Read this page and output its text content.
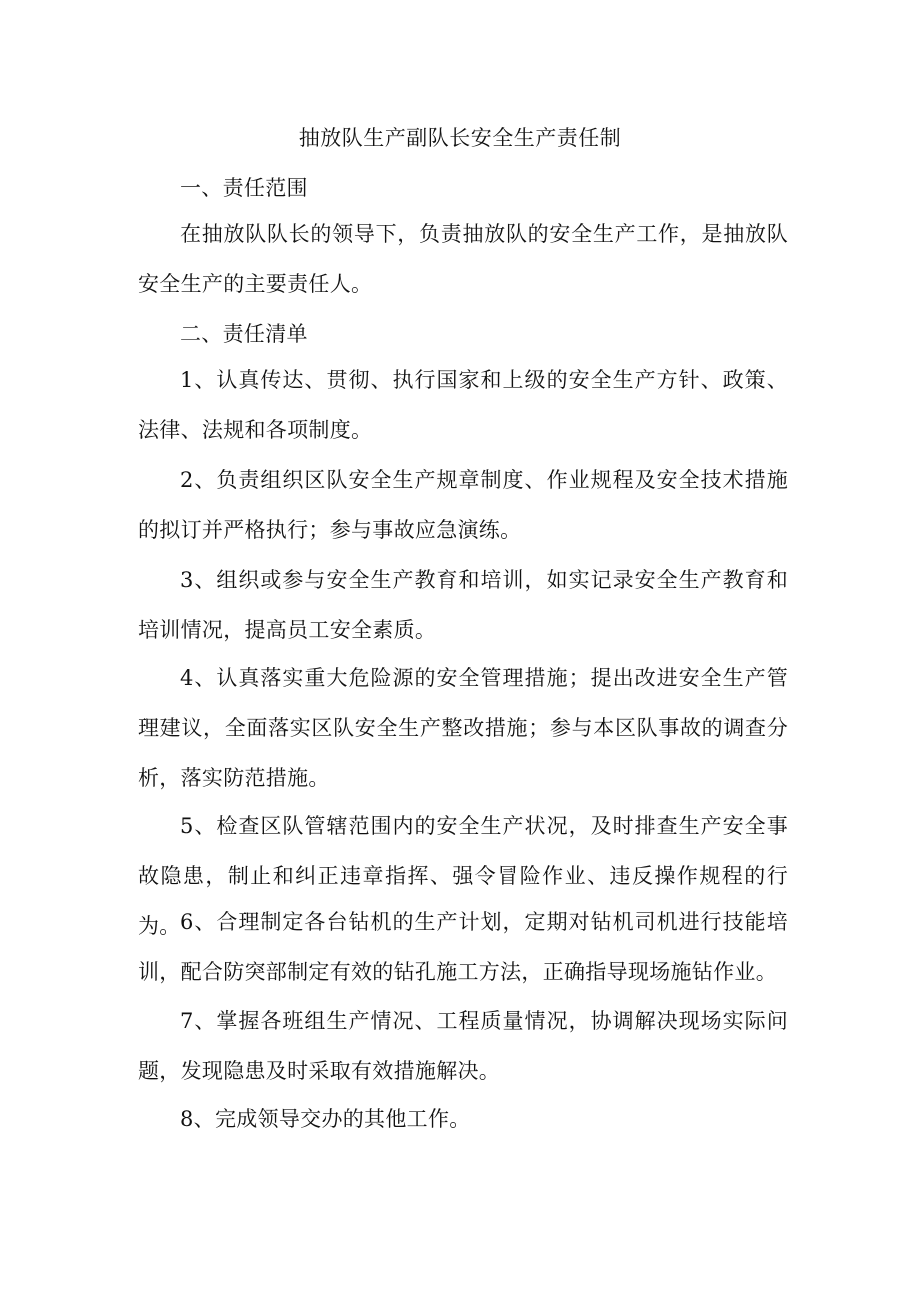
抽放队生产副队长安全生产责任制
一、责任范围
在抽放队队长的领导下，负责抽放队的安全生产工作，是抽放队安全生产的主要责任人。
二、责任清单
1、认真传达、贯彻、执行国家和上级的安全生产方针、政策、法律、法规和各项制度。
2、负责组织区队安全生产规章制度、作业规程及安全技术措施的拟订并严格执行；参与事故应急演练。
3、组织或参与安全生产教育和培训，如实记录安全生产教育和培训情况，提高员工安全素质。
4、认真落实重大危险源的安全管理措施；提出改进安全生产管理建议，全面落实区队安全生产整改措施；参与本区队事故的调查分析，落实防范措施。
5、检查区队管辖范围内的安全生产状况，及时排查生产安全事故隐患，制止和纠正违章指挥、强令冒险作业、违反操作规程的行为。 6、合理制定各台钻机的生产计划，定期对钻机司机进行技能培训，配合防突部制定有效的钻孔施工方法，正确指导现场施钻作业。
7、掌握各班组生产情况、工程质量情况，协调解决现场实际问题，发现隐患及时采取有效措施解决。
8、完成领导交办的其他工作。
